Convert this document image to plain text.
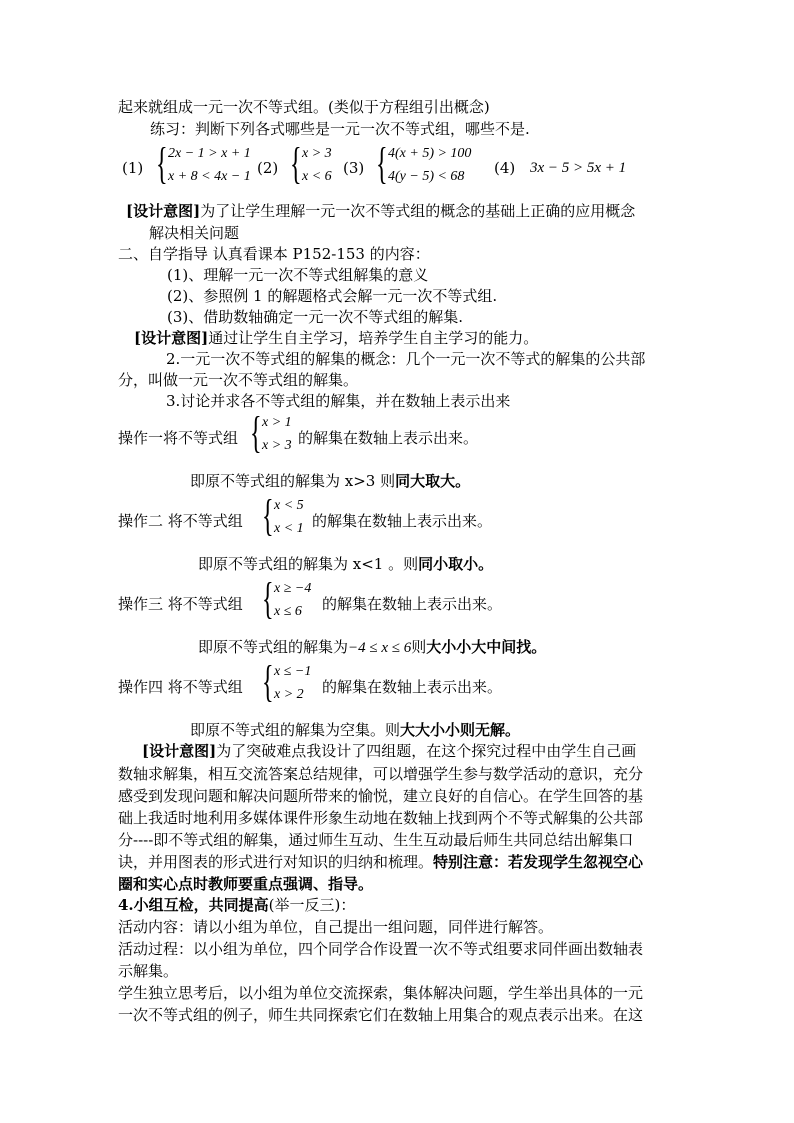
起来就组成一元一次不等式组。(类似于方程组引出概念)
练习：判断下列各式哪些是一元一次不等式组，哪些不是.
(1) { 2x − 1 > x + 1
x + 8 < 4x − 1 (2) { x > 3
x < 6 (3) { 4(x + 5) > 100
4(y − 5) < 68 (4) 3x − 5 > 5x + 1
[设计意图]为了让学生理解一元一次不等式组的概念的基础上正确的应用概念
解决相关问题
二、自学指导 认真看课本 P152-153 的内容：
(1)、理解一元一次不等式组解集的意义
(2)、参照例 1 的解题格式会解一元一次不等式组.
(3)、借助数轴确定一元一次不等式组的解集.
[设计意图]通过让学生自主学习，培养学生自主学习的能力。
2.一元一次不等式组的解集的概念：几个一元一次不等式的解集的公共部
分，叫做一元一次不等式组的解集。
3.讨论并求各不等式组的解集，并在数轴上表示出来
操作一将不等式组 { x > 1
x > 3 的解集在数轴上表示出来。
即原不等式组的解集为 x>3 则同大取大。
操作二 将不等式组 { x < 5
x < 1 的解集在数轴上表示出来。
即原不等式组的解集为 x<1 。则同小取小。
操作三 将不等式组 { x ≥ −4
x ≤ 6 的解集在数轴上表示出来。
即原不等式组的解集为−4 ≤ x ≤ 6则大小小大中间找。
操作四 将不等式组 { x ≤ −1
x > 2 的解集在数轴上表示出来。
即原不等式组的解集为空集。则大大小小则无解。
[设计意图]为了突破难点我设计了四组题，在这个探究过程中由学生自己画
数轴求解集，相互交流答案总结规律，可以增强学生参与数学活动的意识，充分
感受到发现问题和解决问题所带来的愉悦，建立良好的自信心。在学生回答的基
础上我适时地利用多媒体课件形象生动地在数轴上找到两个不等式解集的公共部
分----即不等式组的解集，通过师生互动、生生互动最后师生共同总结出解集口
诀，并用图表的形式进行对知识的归纳和梳理。特别注意：若发现学生忽视空心
圈和实心点时教师要重点强调、指导。
4.小组互检，共同提高(举一反三)：
活动内容：请以小组为单位，自己提出一组问题，同伴进行解答。
活动过程：以小组为单位，四个同学合作设置一次不等式组要求同伴画出数轴表
示解集。
学生独立思考后，以小组为单位交流探索，集体解决问题，学生举出具体的一元
一次不等式组的例子，师生共同探索它们在数轴上用集合的观点表示出来。在这
